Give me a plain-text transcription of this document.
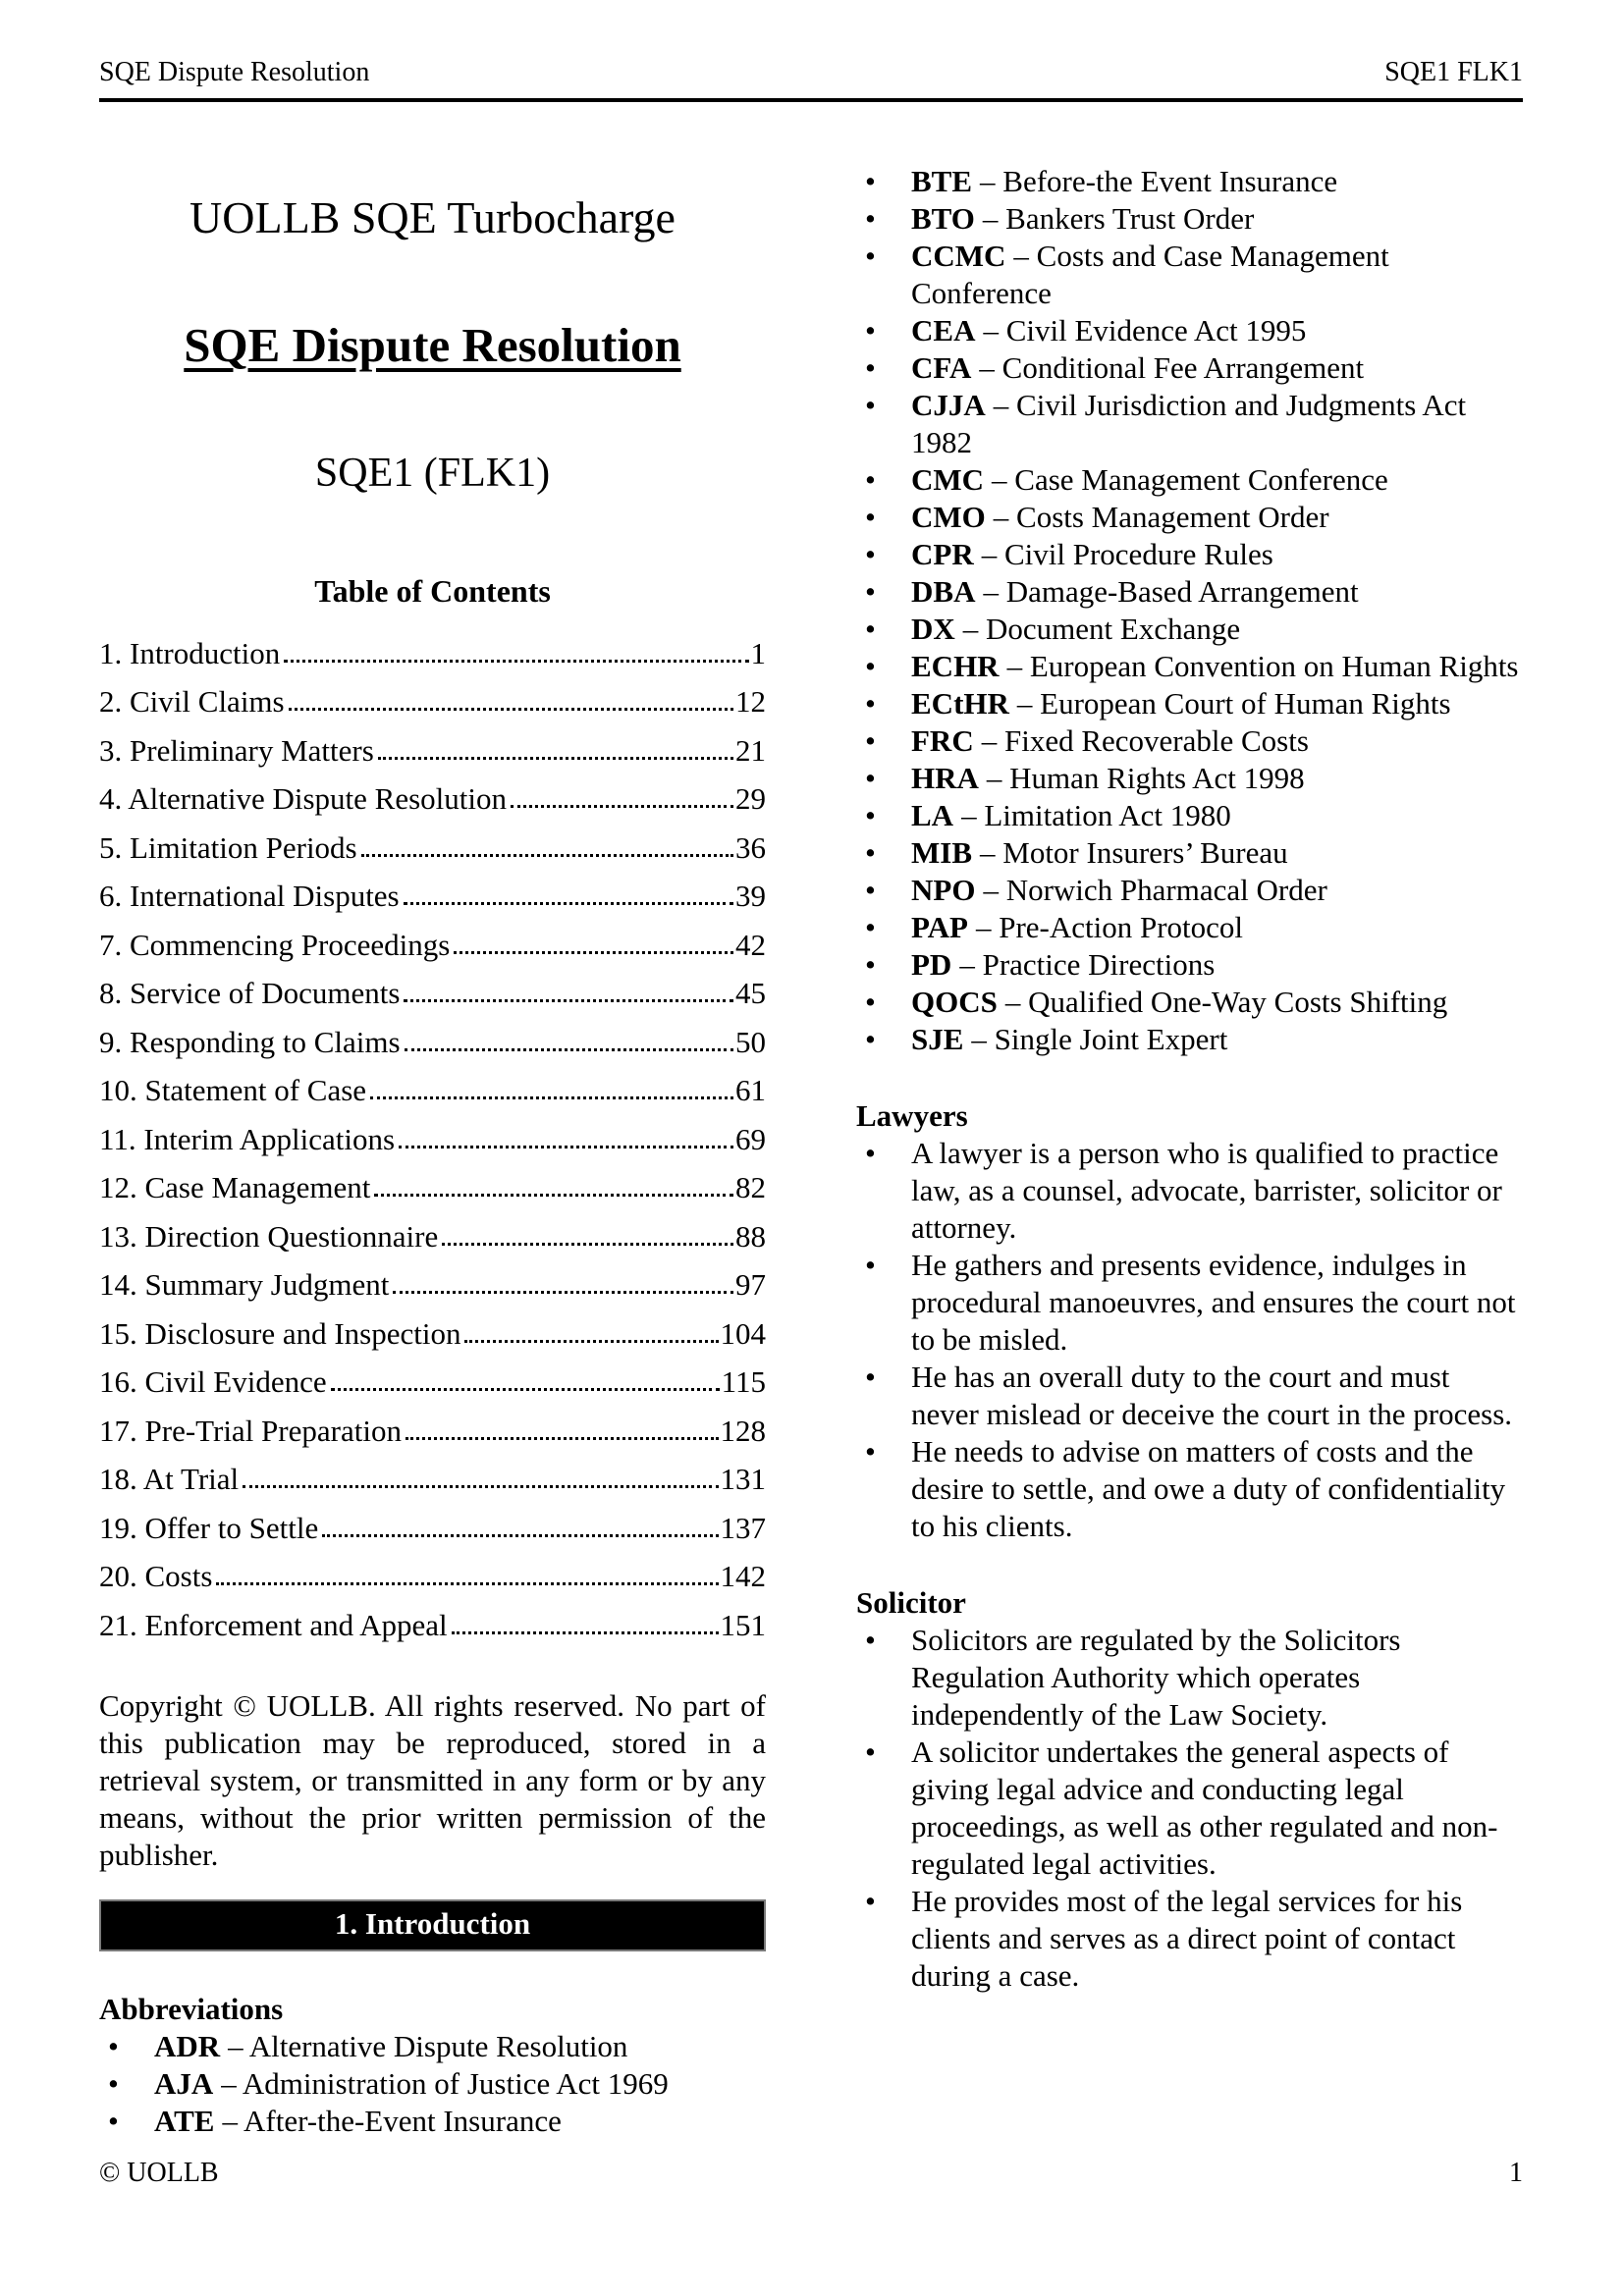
SQE Dispute Resolution	SQE1 FLK1
UOLLB SQE Turbocharge
SQE Dispute Resolution
SQE1 (FLK1)
Table of Contents
1. Introduction	1
2. Civil Claims	12
3. Preliminary Matters	21
4. Alternative Dispute Resolution	29
5. Limitation Periods	36
6. International Disputes	39
7. Commencing Proceedings	42
8. Service of Documents	45
9. Responding to Claims	50
10. Statement of Case	61
11. Interim Applications	69
12. Case Management	82
13. Direction Questionnaire	88
14. Summary Judgment	97
15. Disclosure and Inspection	104
16. Civil Evidence	115
17. Pre-Trial Preparation	128
18. At Trial	131
19. Offer to Settle	137
20. Costs	142
21. Enforcement and Appeal	151
Copyright © UOLLB. All rights reserved. No part of this publication may be reproduced, stored in a retrieval system, or transmitted in any form or by any means, without the prior written permission of the publisher.
1. Introduction
Abbreviations
•	ADR – Alternative Dispute Resolution
•	AJA – Administration of Justice Act 1969
•	ATE – After-the-Event Insurance
•	BTE – Before-the Event Insurance
•	BTO – Bankers Trust Order
•	CCMC – Costs and Case Management Conference
•	CEA – Civil Evidence Act 1995
•	CFA – Conditional Fee Arrangement
•	CJJA – Civil Jurisdiction and Judgments Act 1982
•	CMC – Case Management Conference
•	CMO – Costs Management Order
•	CPR – Civil Procedure Rules
•	DBA – Damage-Based Arrangement
•	DX – Document Exchange
•	ECHR – European Convention on Human Rights
•	ECtHR – European Court of Human Rights
•	FRC – Fixed Recoverable Costs
•	HRA – Human Rights Act 1998
•	LA – Limitation Act 1980
•	MIB – Motor Insurers’ Bureau
•	NPO – Norwich Pharmacal Order
•	PAP – Pre-Action Protocol
•	PD – Practice Directions
•	QOCS – Qualified One-Way Costs Shifting
•	SJE – Single Joint Expert
Lawyers
•	A lawyer is a person who is qualified to practice law, as a counsel, advocate, barrister, solicitor or attorney.
•	He gathers and presents evidence, indulges in procedural manoeuvres, and ensures the court not to be misled.
•	He has an overall duty to the court and must never mislead or deceive the court in the process.
•	He needs to advise on matters of costs and the desire to settle, and owe a duty of confidentiality to his clients.
Solicitor
•	Solicitors are regulated by the Solicitors Regulation Authority which operates independently of the Law Society.
•	A solicitor undertakes the general aspects of giving legal advice and conducting legal proceedings, as well as other regulated and non-regulated legal activities.
•	He provides most of the legal services for his clients and serves as a direct point of contact during a case.
© UOLLB	1
